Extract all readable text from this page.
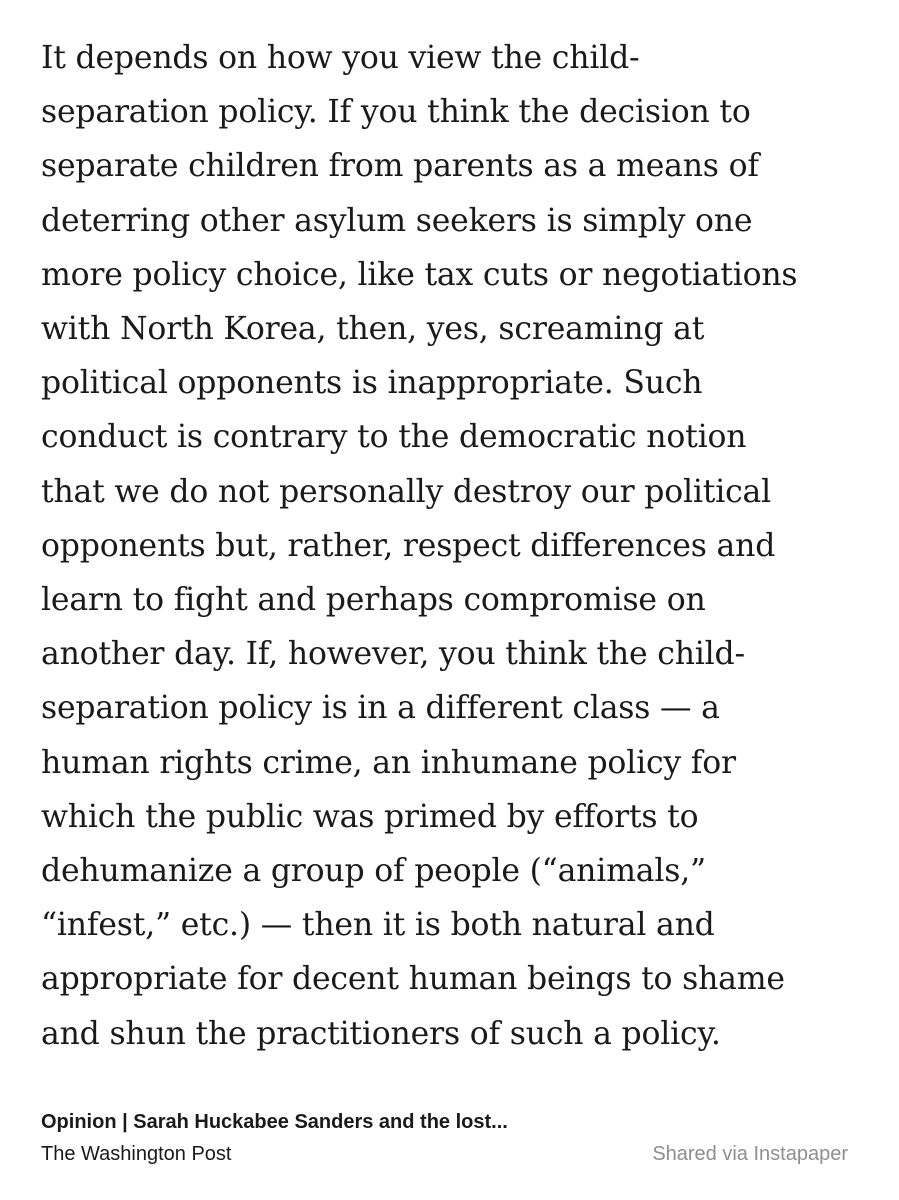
It depends on how you view the child-
separation policy. If you think the decision to
separate children from parents as a means of
deterring other asylum seekers is simply one
more policy choice, like tax cuts or negotiations
with North Korea, then, yes, screaming at
political opponents is inappropriate. Such
conduct is contrary to the democratic notion
that we do not personally destroy our political
opponents but, rather, respect differences and
learn to fight and perhaps compromise on
another day. If, however, you think the child-
separation policy is in a different class — a
human rights crime, an inhumane policy for
which the public was primed by efforts to
dehumanize a group of people (“animals,”
“infest,” etc.) — then it is both natural and
appropriate for decent human beings to shame
and shun the practitioners of such a policy.

Opinion | Sarah Huckabee Sanders and the lost...
The Washington Post	Shared via Instapaper
